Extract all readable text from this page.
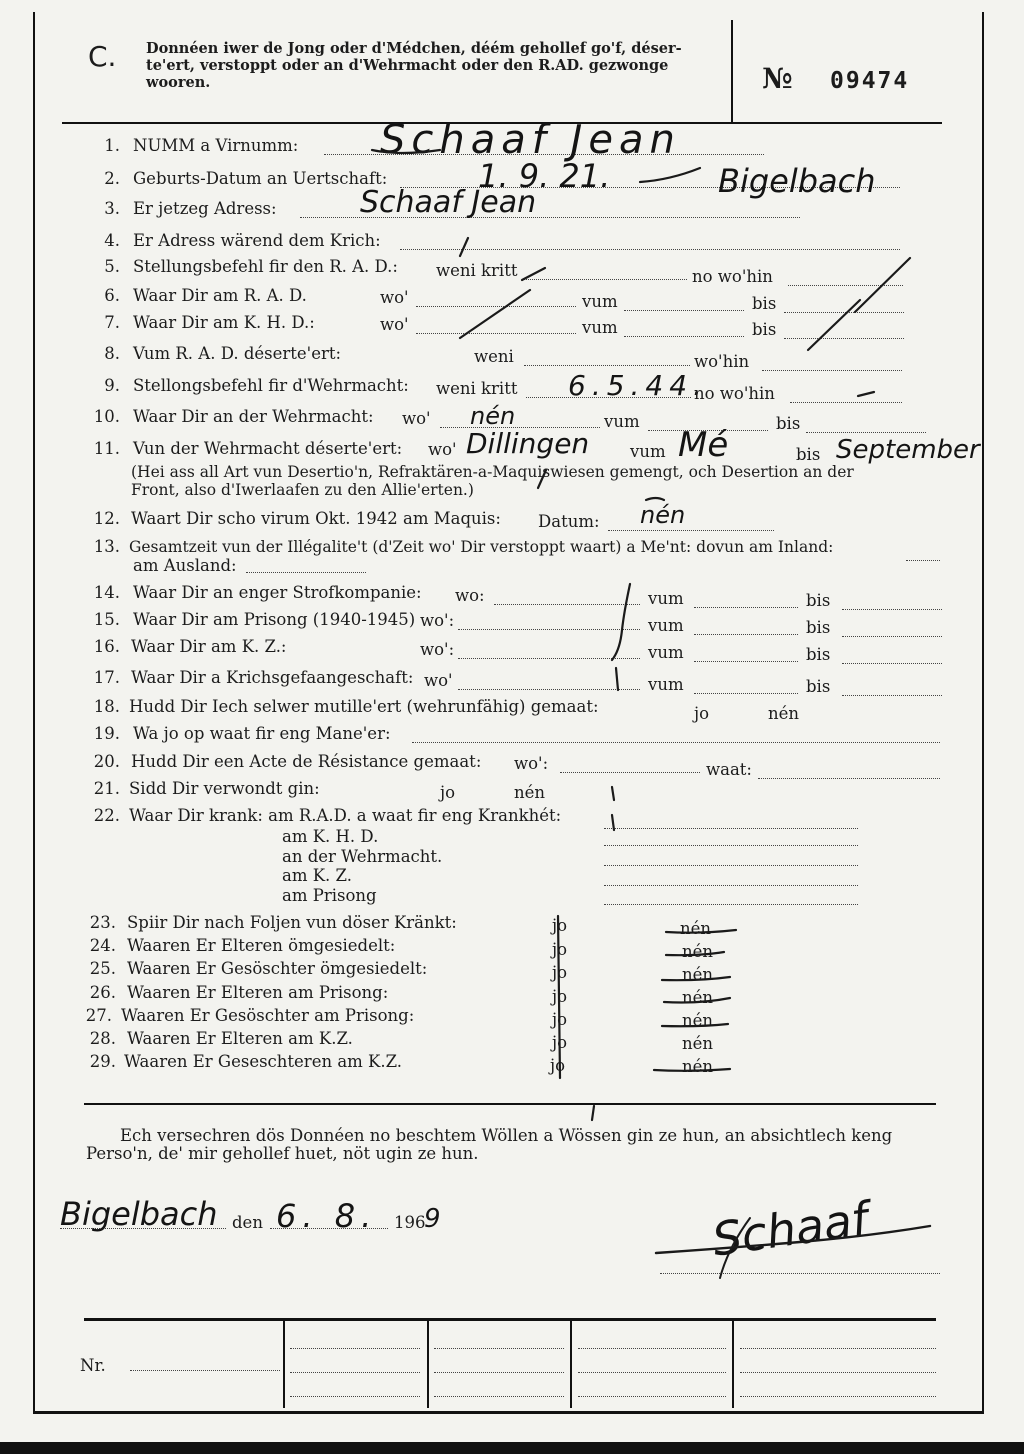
C. Donnéen iwer de Jong oder d'Médchen, déém gehollef go'f, déser-
te'ert, verstoppt oder an d'Wehrmacht oder den R.AD. gezwonge
wooren.	№ 09474
1. NUMM a Virnumm: Schaaf Jean
2. Geburts-Datum an Uertschaft:	1. 9. 21.	Bigelbach
3. Er jetzeg Adress:	Schaaf Jean
4. Er Adress wärend dem Krich:
5. Stellungsbefehl fir den R. A. D.: weni kritt	no wo'hin
6. Waar Dir am R. A. D.	wo'	vum	bis
7. Waar Dir am K. H. D.:	wo'	vum	bis
8. Vum R. A. D. déserte'ert:	weni	wo'hin
9. Stellongsbefehl fir d'Wehrmacht: weni kritt 6.5.44.
no wo'hin
10. Waar Dir an der Wehrmacht: wo' nén	vum	bis
11. Vun der Wehrmacht déserte'ert: wo' Dillingen vum Mé	bis September
(Hei ass all Art vun Desertio'n, Refraktären-a-Maquiswiesen gemengt, och Desertion an der
Front, also d'Iwerlaafen zu den Allie'erten.)
12. Waart Dir scho virum Okt. 1942 am Maquis: Datum: nén
13. Gesamtzeit vun der Illégalite't (d'Zeit wo' Dir verstoppt waart) a Me'nt: dovun am Inland:
am Ausland:
14. Waar Dir an enger Strofkompanie: wo:	vum	bis
15. Waar Dir am Prisong (1940-1945) wo':	vum	bis
16. Waar Dir am K. Z.:	wo':	vum	bis
17. Waar Dir a Krichsgefaangeschaft: wo'	vum	bis
18. Hudd Dir Iech selwer mutille'ert (wehrunfähig) gemaat:	jo	nén
19. Wa jo op waat fir eng Mane'er:
20. Hudd Dir een Acte de Résistance gemaat: wo':	waat:
21. Sidd Dir verwondt gin:	jo	nén
22. Waar Dir krank: am R.A.D. a waat fir eng Krankhét:
am K. H. D.
an der Wehrmacht.
am K. Z.
am Prisong
23. Spiir Dir nach Foljen vun döser Kränkt:	jo	nén
24. Waaren Er Elteren ömgesiedelt:	jo	nén
25. Waaren Er Gesöschter ömgesiedelt:	jo	nén
26. Waaren Er Elteren am Prisong:	jo	nén
27. Waaren Er Gesöschter am Prisong:	jo	nén
28. Waaren Er Elteren am K.Z.	jo	nén
29. Waaren Er Geseschteren am K.Z.	jo	nén
Ech versechren dös Donnéen no beschtem Wöllen a Wössen gin ze hun, an absichtlech keng
Perso'n, de' mir gehollef huet, nöt ugin ze hun.
Bigelbach den 6. 8. 196
9	Schaaf
Nr.
